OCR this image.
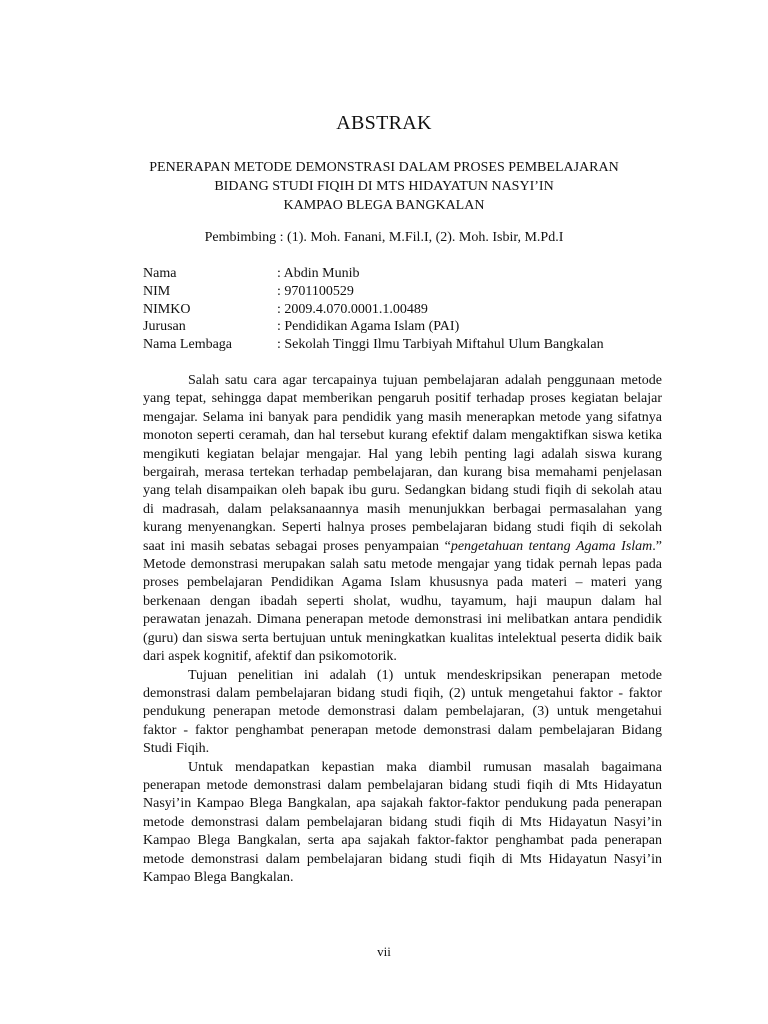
ABSTRAK
PENERAPAN METODE DEMONSTRASI DALAM PROSES PEMBELAJARAN
BIDANG STUDI FIQIH DI MTS HIDAYATUN NASYI’IN
KAMPAO BLEGA BANGKALAN
Pembimbing : (1). Moh. Fanani, M.Fil.I, (2). Moh. Isbir, M.Pd.I
Nama	: Abdin Munib
NIM	: 9701100529
NIMKO	: 2009.4.070.0001.1.00489
Jurusan	: Pendidikan Agama Islam (PAI)
Nama Lembaga	: Sekolah Tinggi Ilmu Tarbiyah Miftahul Ulum Bangkalan

Salah satu cara agar tercapainya tujuan pembelajaran adalah penggunaan metode yang tepat, sehingga dapat memberikan pengaruh positif terhadap proses kegiatan belajar mengajar. Selama ini banyak para pendidik yang masih menerapkan metode yang sifatnya monoton seperti ceramah, dan hal tersebut kurang efektif dalam mengaktifkan siswa ketika mengikuti kegiatan belajar mengajar. Hal yang lebih penting lagi adalah siswa kurang bergairah, merasa tertekan terhadap pembelajaran, dan kurang bisa memahami penjelasan yang telah disampaikan oleh bapak ibu guru. Sedangkan bidang studi fiqih di sekolah atau di madrasah, dalam pelaksanaannya masih menunjukkan berbagai permasalahan yang kurang menyenangkan. Seperti halnya proses pembelajaran bidang studi fiqih di sekolah saat ini masih sebatas sebagai proses penyampaian “pengetahuan tentang Agama Islam.” Metode demonstrasi merupakan salah satu metode mengajar yang tidak pernah lepas pada proses pembelajaran Pendidikan Agama Islam khususnya pada materi – materi yang berkenaan dengan ibadah seperti sholat, wudhu, tayamum, haji maupun dalam hal perawatan jenazah. Dimana penerapan metode demonstrasi ini melibatkan antara pendidik (guru) dan siswa serta bertujuan untuk meningkatkan kualitas intelektual peserta didik baik dari aspek kognitif, afektif dan psikomotorik.

Tujuan penelitian ini adalah (1) untuk mendeskripsikan penerapan metode demonstrasi dalam pembelajaran bidang studi fiqih, (2) untuk mengetahui faktor - faktor pendukung penerapan metode demonstrasi dalam pembelajaran, (3) untuk mengetahui faktor - faktor penghambat penerapan metode demonstrasi dalam pembelajaran Bidang Studi Fiqih.

Untuk mendapatkan kepastian maka diambil rumusan masalah bagaimana penerapan metode demonstrasi dalam pembelajaran bidang studi fiqih di Mts Hidayatun Nasyi’in Kampao Blega Bangkalan, apa sajakah faktor-faktor pendukung pada penerapan metode demonstrasi dalam pembelajaran bidang studi fiqih di Mts Hidayatun Nasyi’in Kampao Blega Bangkalan, serta apa sajakah faktor-faktor penghambat pada penerapan metode demonstrasi dalam pembelajaran bidang studi fiqih di Mts Hidayatun Nasyi’in Kampao Blega Bangkalan.

vii
